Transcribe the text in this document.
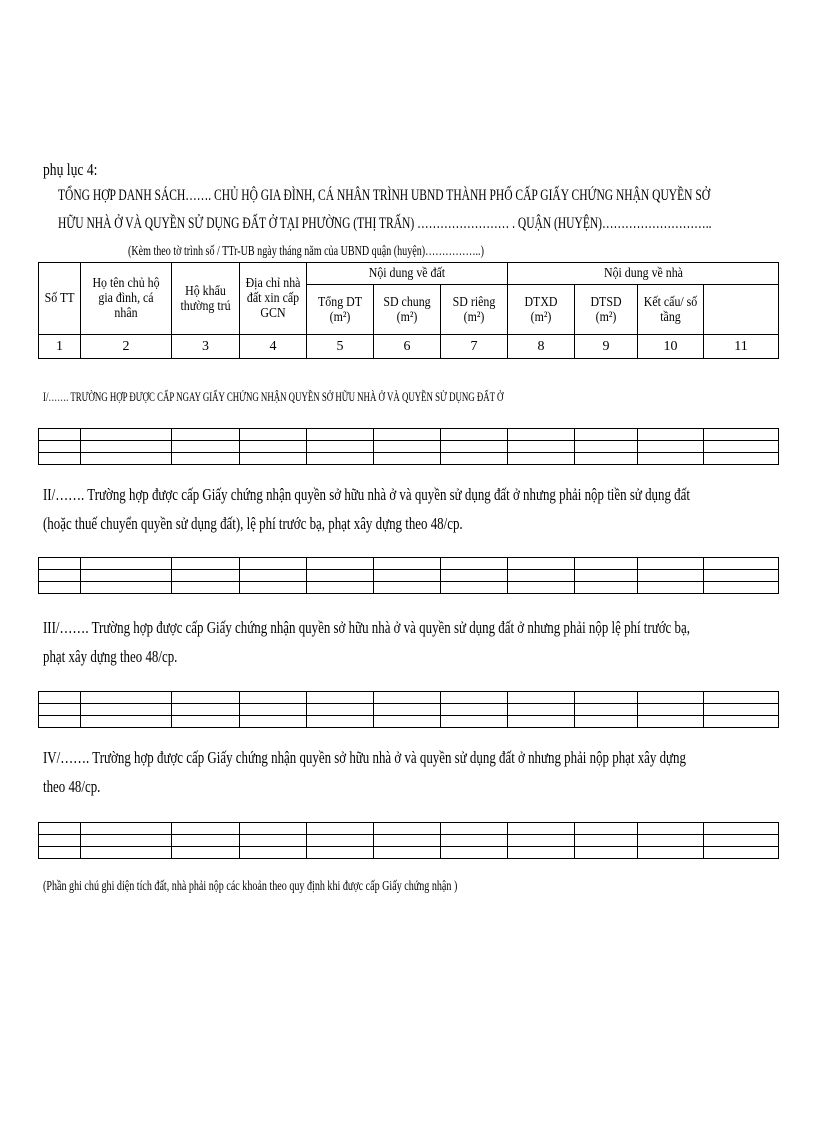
phụ lục 4:
TỔNG HỢP DANH SÁCH……. CHỦ HỘ GIA ĐÌNH, CÁ NHÂN TRÌNH UBND THÀNH PHỐ CẤP GIẤY CHỨNG NHẬN QUYỀN SỞ
HỮU NHÀ Ở VÀ QUYỀN SỬ DỤNG ĐẤT Ở TẠI PHƯỜNG (THỊ TRẤN) …………………… . QUẬN (HUYỆN)………………………..
(Kèm theo tờ trình số / TTr-UB ngày tháng năm của UBND quận (huyện)……………..)
Số TT	Họ tên chủ hộ gia đình, cá nhân	Hộ khẩu thường trú	Địa chỉ nhà đất xin cấp GCN	Nội dung về đất			Nội dung về nhà	
				Tổng DT (m²)	SD chung (m²)	SD riêng (m²)	DTXD (m²)	DTSD (m²)	Kết cấu/ số tầng		
1	2	3	4	5	6	7	8	9	10	11	
I/……. TRƯỜNG HỢP ĐƯỢC CẤP NGAY GIẤY CHỨNG NHẬN QUYỀN SỞ HỮU NHÀ Ở VÀ QUYỀN SỬ DỤNG ĐẤT Ở

II/……. Trường hợp được cấp Giấy chứng nhận quyền sở hữu nhà ở và quyền sử dụng đất ở nhưng phải nộp tiền sử dụng đất
(hoặc thuế chuyển quyền sử dụng đất), lệ phí trước bạ, phạt xây dựng theo 48/cp.

III/……. Trường hợp được cấp Giấy chứng nhận quyền sở hữu nhà ở và quyền sử dụng đất ở nhưng phải nộp lệ phí trước bạ,
phạt xây dựng theo 48/cp.

IV/……. Trường hợp được cấp Giấy chứng nhận quyền sở hữu nhà ở và quyền sử dụng đất ở nhưng phải nộp phạt xây dựng
theo 48/cp.

(Phần ghi chú ghi diện tích đất, nhà phải nộp các khoản theo quy định khi được cấp Giấy chứng nhận )
